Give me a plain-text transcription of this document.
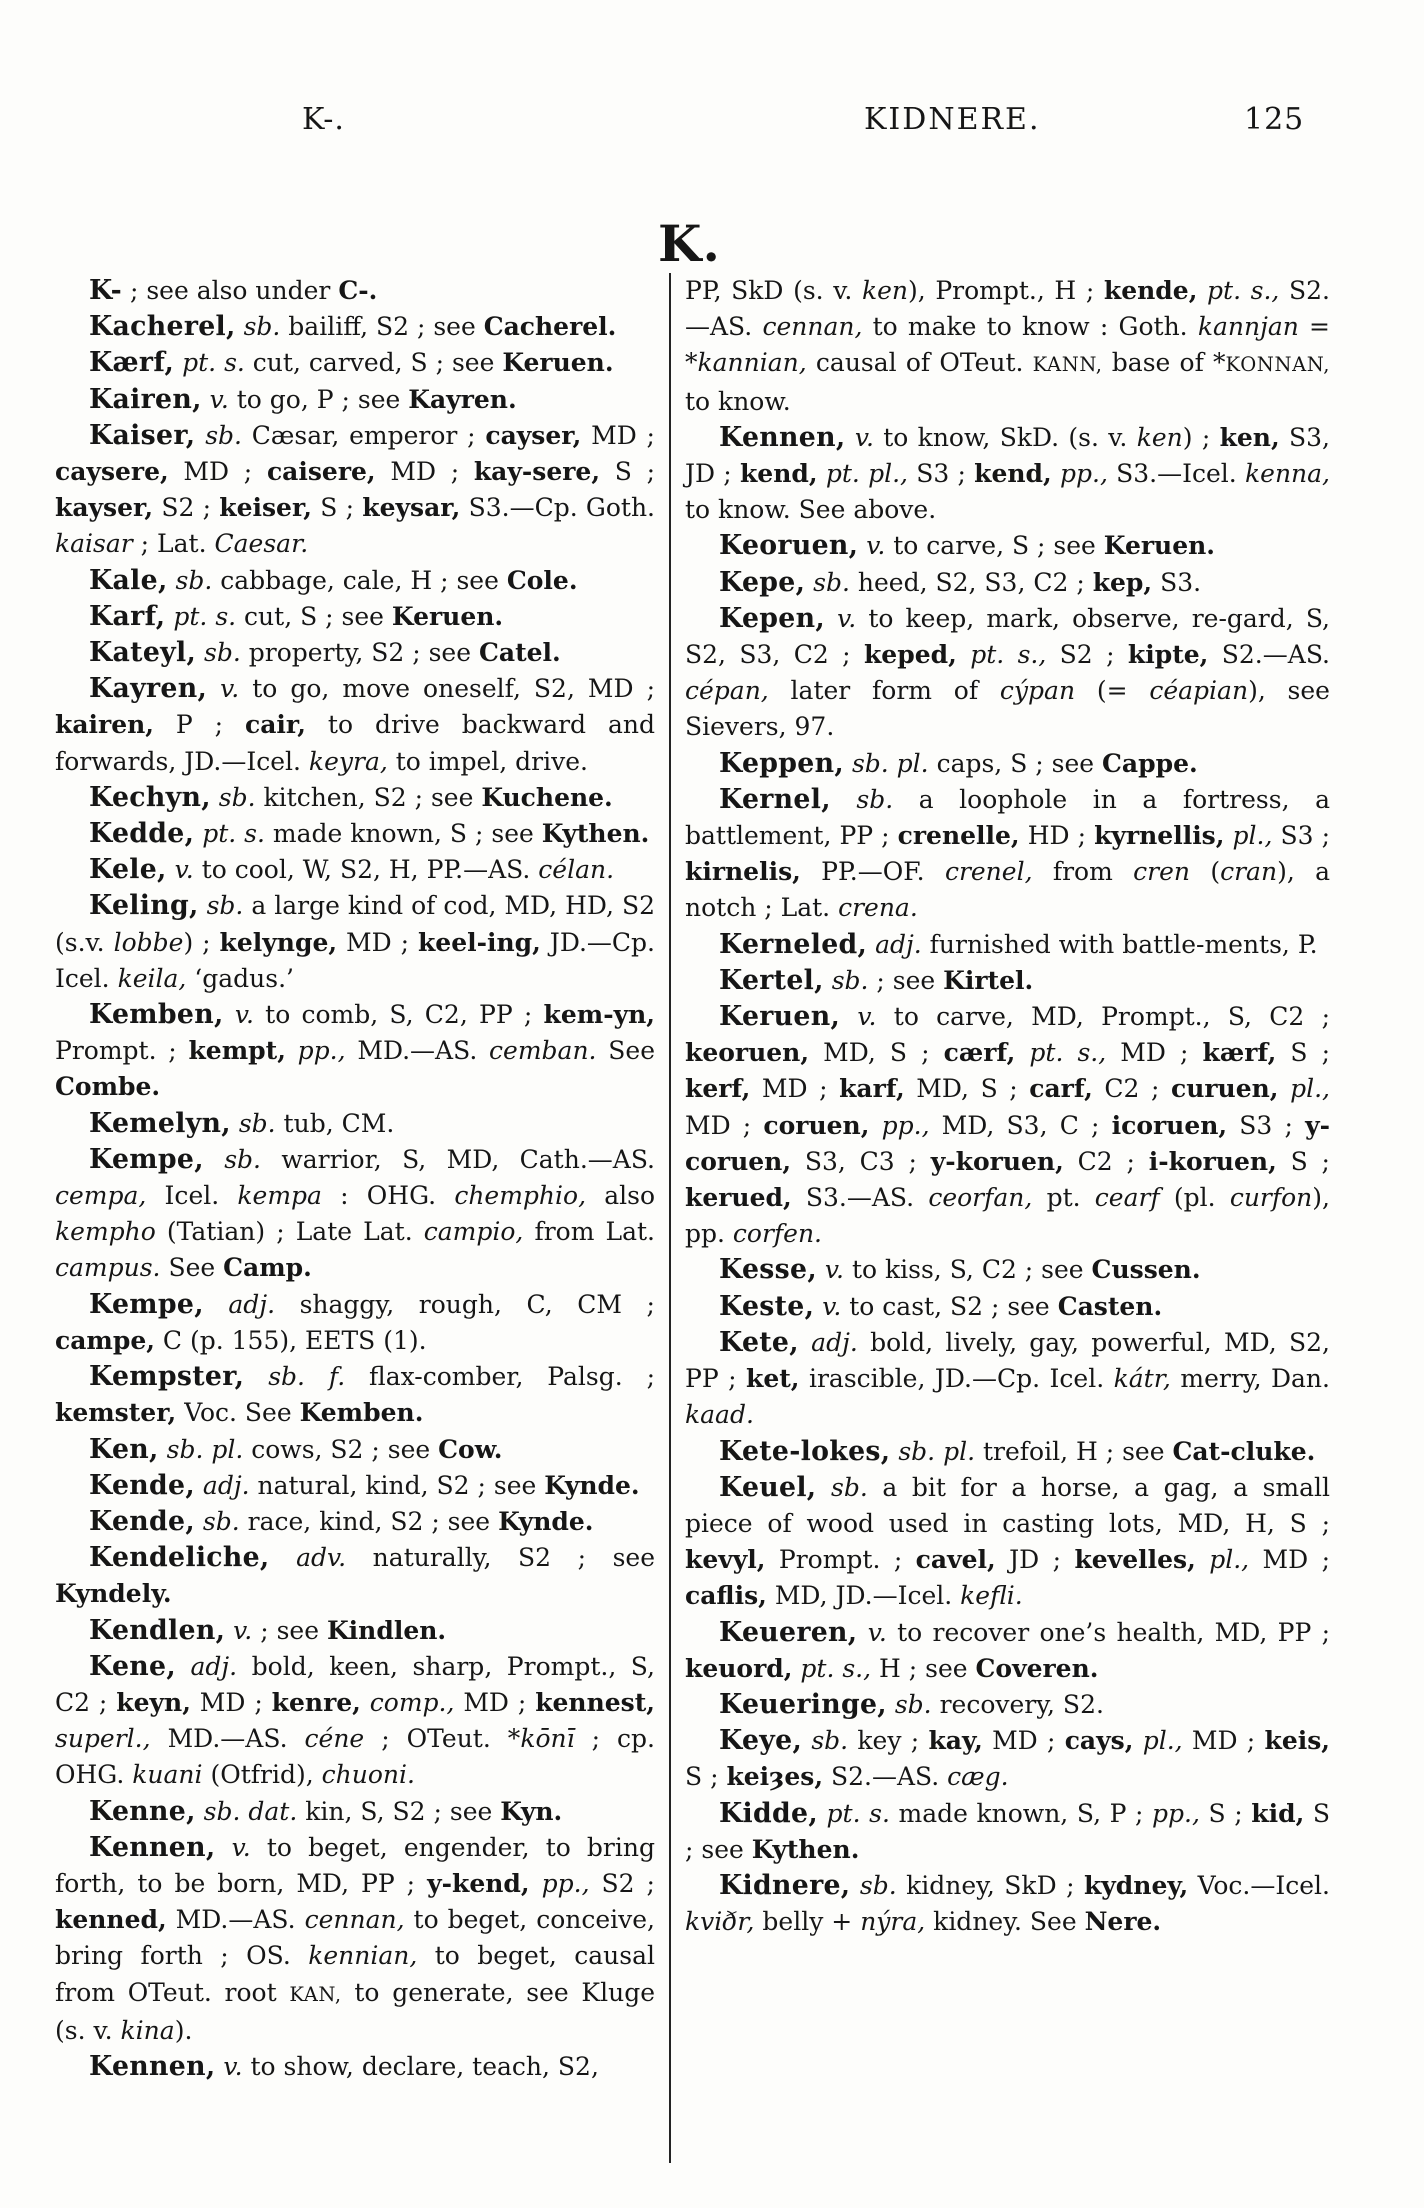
K-.	KIDNERE.	125
K.

K- ; see also under C-.

Kacherel, sb. bailiff, S2 ; see Cacherel.

Kærf, pt. s. cut, carved, S ; see Keruen.

Kairen, v. to go, P ; see Kayren.

Kaiser, sb. Cæsar, emperor ; cayser, MD ; caysere, MD ; caisere, MD ; kay-sere, S ; kayser, S2 ; keiser, S ; keysar, S3.—Cp. Goth. kaisar ; Lat. Caesar.

Kale, sb. cabbage, cale, H ; see Cole.

Karf, pt. s. cut, S ; see Keruen.

Kateyl, sb. property, S2 ; see Catel.

Kayren, v. to go, move oneself, S2, MD ; kairen, P ; cair, to drive backward and forwards, JD.—Icel. keyra, to impel, drive.

Kechyn, sb. kitchen, S2 ; see Kuchene.

Kedde, pt. s. made known, S ; see Kythen.

Kele, v. to cool, W, S2, H, PP.—AS. célan.

Keling, sb. a large kind of cod, MD, HD, S2 (s.v. lobbe) ; kelynge, MD ; keel-ing, JD.—Cp. Icel. keila, ‘gadus.’

Kemben, v. to comb, S, C2, PP ; kem-yn, Prompt. ; kempt, pp., MD.—AS. cemban. See Combe.

Kemelyn, sb. tub, CM.

Kempe, sb. warrior, S, MD, Cath.—AS. cempa, Icel. kempa : OHG. chemphio, also kempho (Tatian) ; Late Lat. campio, from Lat. campus. See Camp.

Kempe, adj. shaggy, rough, C, CM ; campe, C (p. 155), EETS (1).

Kempster, sb. f. flax-comber, Palsg. ; kemster, Voc. See Kemben.

Ken, sb. pl. cows, S2 ; see Cow.

Kende, adj. natural, kind, S2 ; see Kynde.

Kende, sb. race, kind, S2 ; see Kynde.

Kendeliche, adv. naturally, S2 ; see Kyndely.

Kendlen, v. ; see Kindlen.

Kene, adj. bold, keen, sharp, Prompt., S, C2 ; keyn, MD ; kenre, comp., MD ; kennest, superl., MD.—AS. céne ; OTeut. *kōnī ; cp. OHG. kuani (Otfrid), chuoni.

Kenne, sb. dat. kin, S, S2 ; see Kyn.

Kennen, v. to beget, engender, to bring forth, to be born, MD, PP ; y-kend, pp., S2 ; kenned, MD.—AS. cennan, to beget, conceive, bring forth ; OS. kennian, to beget, causal from OTeut. root KAN, to generate, see Kluge (s. v. kina).

Kennen, v. to show, declare, teach, S2,

PP, SkD (s. v. ken), Prompt., H ; kende, pt. s., S2.—AS. cennan, to make to know : Goth. kannjan = *kannian, causal of OTeut. KANN, base of *KONNAN, to know.

Kennen, v. to know, SkD. (s. v. ken) ; ken, S3, JD ; kend, pt. pl., S3 ; kend, pp., S3.—Icel. kenna, to know. See above.

Keoruen, v. to carve, S ; see Keruen.

Kepe, sb. heed, S2, S3, C2 ; kep, S3.

Kepen, v. to keep, mark, observe, re-gard, S, S2, S3, C2 ; keped, pt. s., S2 ; kipte, S2.—AS. cépan, later form of cýpan (= céapian), see Sievers, 97.

Keppen, sb. pl. caps, S ; see Cappe.

Kernel, sb. a loophole in a fortress, a battlement, PP ; crenelle, HD ; kyrnellis, pl., S3 ; kirnelis, PP.—OF. crenel, from cren (cran), a notch ; Lat. crena.

Kerneled, adj. furnished with battle-ments, P.

Kertel, sb. ; see Kirtel.

Keruen, v. to carve, MD, Prompt., S, C2 ; keoruen, MD, S ; cærf, pt. s., MD ; kærf, S ; kerf, MD ; karf, MD, S ; carf, C2 ; curuen, pl., MD ; coruen, pp., MD, S3, C ; icoruen, S3 ; y-coruen, S3, C3 ; y-koruen, C2 ; i-koruen, S ; kerued, S3.—AS. ceorfan, pt. cearf (pl. curfon), pp. corfen.

Kesse, v. to kiss, S, C2 ; see Cussen.

Keste, v. to cast, S2 ; see Casten.

Kete, adj. bold, lively, gay, powerful, MD, S2, PP ; ket, irascible, JD.—Cp. Icel. kátr, merry, Dan. kaad.

Kete-lokes, sb. pl. trefoil, H ; see Cat-cluke.

Keuel, sb. a bit for a horse, a gag, a small piece of wood used in casting lots, MD, H, S ; kevyl, Prompt. ; cavel, JD ; kevelles, pl., MD ; caflis, MD, JD.—Icel. kefli.

Keueren, v. to recover one’s health, MD, PP ; keuord, pt. s., H ; see Coveren.

Keueringe, sb. recovery, S2.

Keye, sb. key ; kay, MD ; cays, pl., MD ; keis, S ; keiȝes, S2.—AS. cæg.

Kidde, pt. s. made known, S, P ; pp., S ; kid, S ; see Kythen.

Kidnere, sb. kidney, SkD ; kydney, Voc.—Icel. kviðr, belly + nýra, kidney. See Nere.
